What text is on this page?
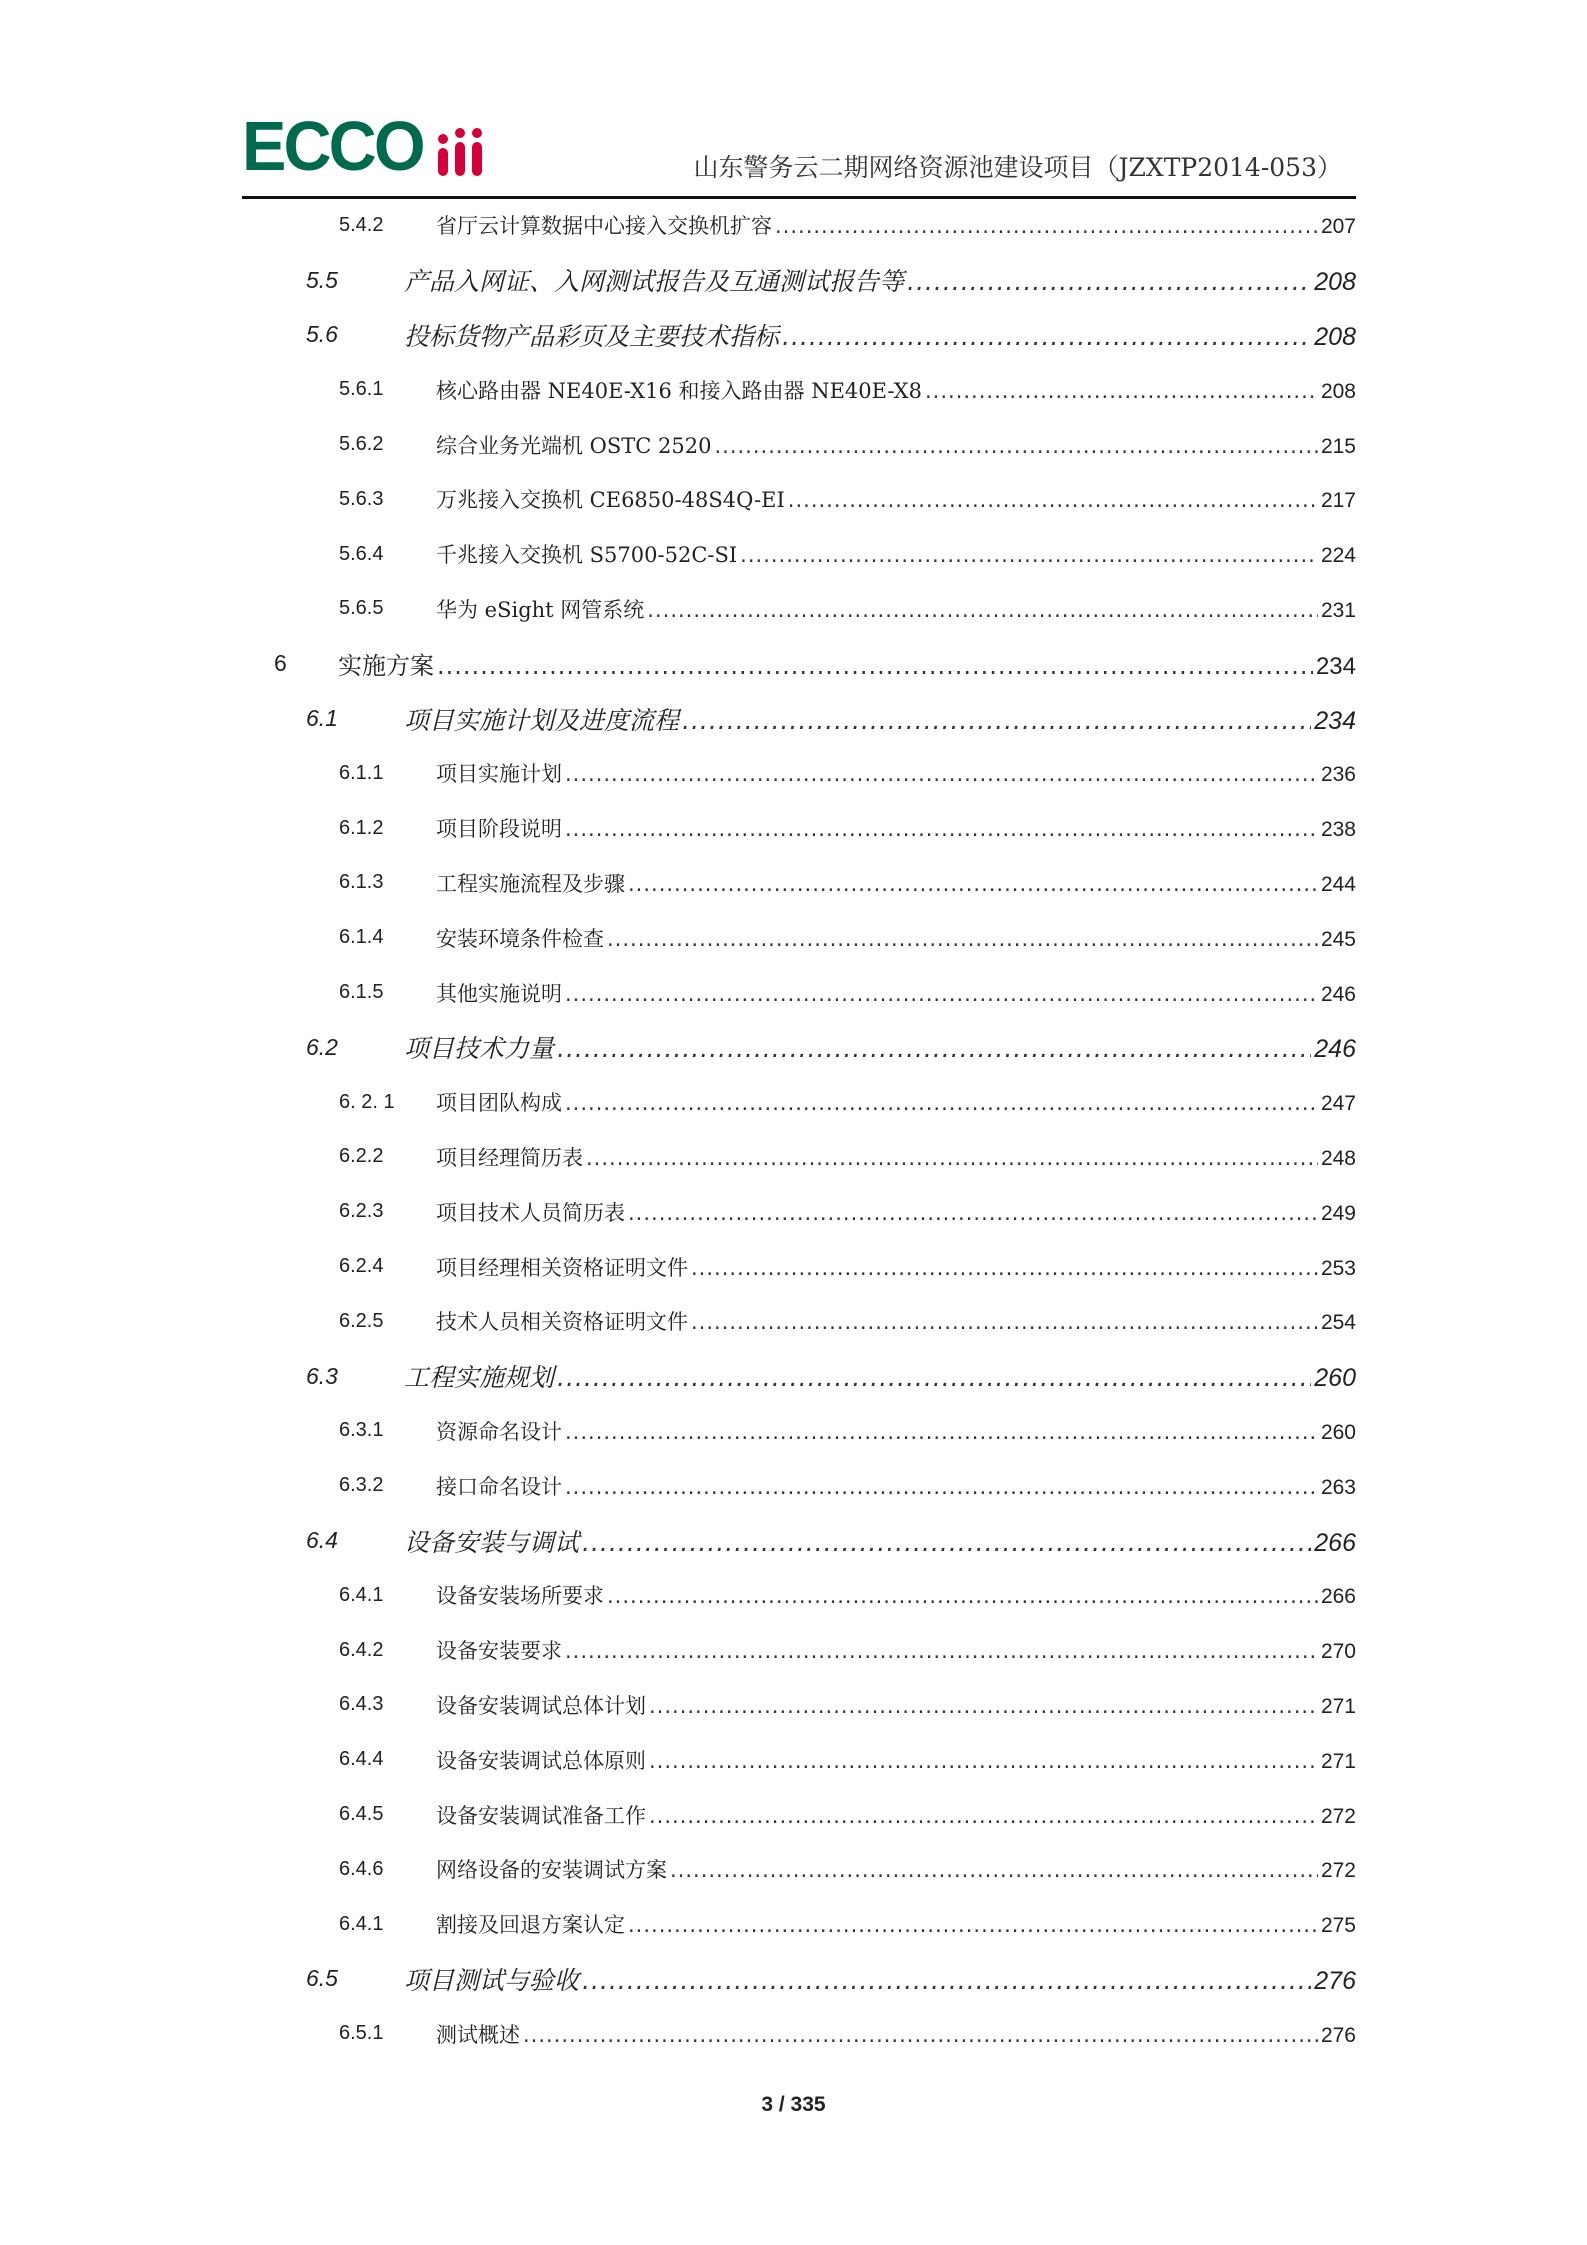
ECCO	山东警务云二期网络资源池建设项目（JZXTP2014-053）
5.4.2	省厅云计算数据中心接入交换机扩容 .....	207
5.5	产品入网证、入网测试报告及互通测试报告等 .....	208
5.6	投标货物产品彩页及主要技术指标 .....	208
5.6.1	核心路由器 NE40E-X16 和接入路由器 NE40E-X8 .....	208
5.6.2	综合业务光端机 OSTC 2520 .....	215
5.6.3	万兆接入交换机 CE6850-48S4Q-EI .....	217
5.6.4	千兆接入交换机 S5700-52C-SI .....	224
5.6.5	华为 eSight 网管系统 .....	231
6 实施方案 .....	234
6.1	项目实施计划及进度流程 .....	234
6.1.1	项目实施计划 .....	236
6.1.2	项目阶段说明 .....	238
6.1.3	工程实施流程及步骤 .....	244
6.1.4	安装环境条件检查 .....	245
6.1.5	其他实施说明 .....	246
6.2	项目技术力量 .....	246
6. 2. 1 项目团队构成 .....	247
6.2.2	项目经理简历表 .....	248
6.2.3	项目技术人员简历表 .....	249
6.2.4	项目经理相关资格证明文件 .....	253
6.2.5	技术人员相关资格证明文件 .....	254
6.3	工程实施规划 .....	260
6.3.1	资源命名设计 .....	260
6.3.2	接口命名设计 .....	263
6.4	设备安装与调试 .....	266
6.4.1	设备安装场所要求 .....	266
6.4.2	设备安装要求 .....	270
6.4.3	设备安装调试总体计划 .....	271
6.4.4	设备安装调试总体原则 .....	271
6.4.5	设备安装调试准备工作 .....	272
6.4.6	网络设备的安装调试方案 .....	272
6.4.1	割接及回退方案认定 .....	275
6.5	项目测试与验收 .....	276
6.5.1	测试概述 .....	276
3 / 335
